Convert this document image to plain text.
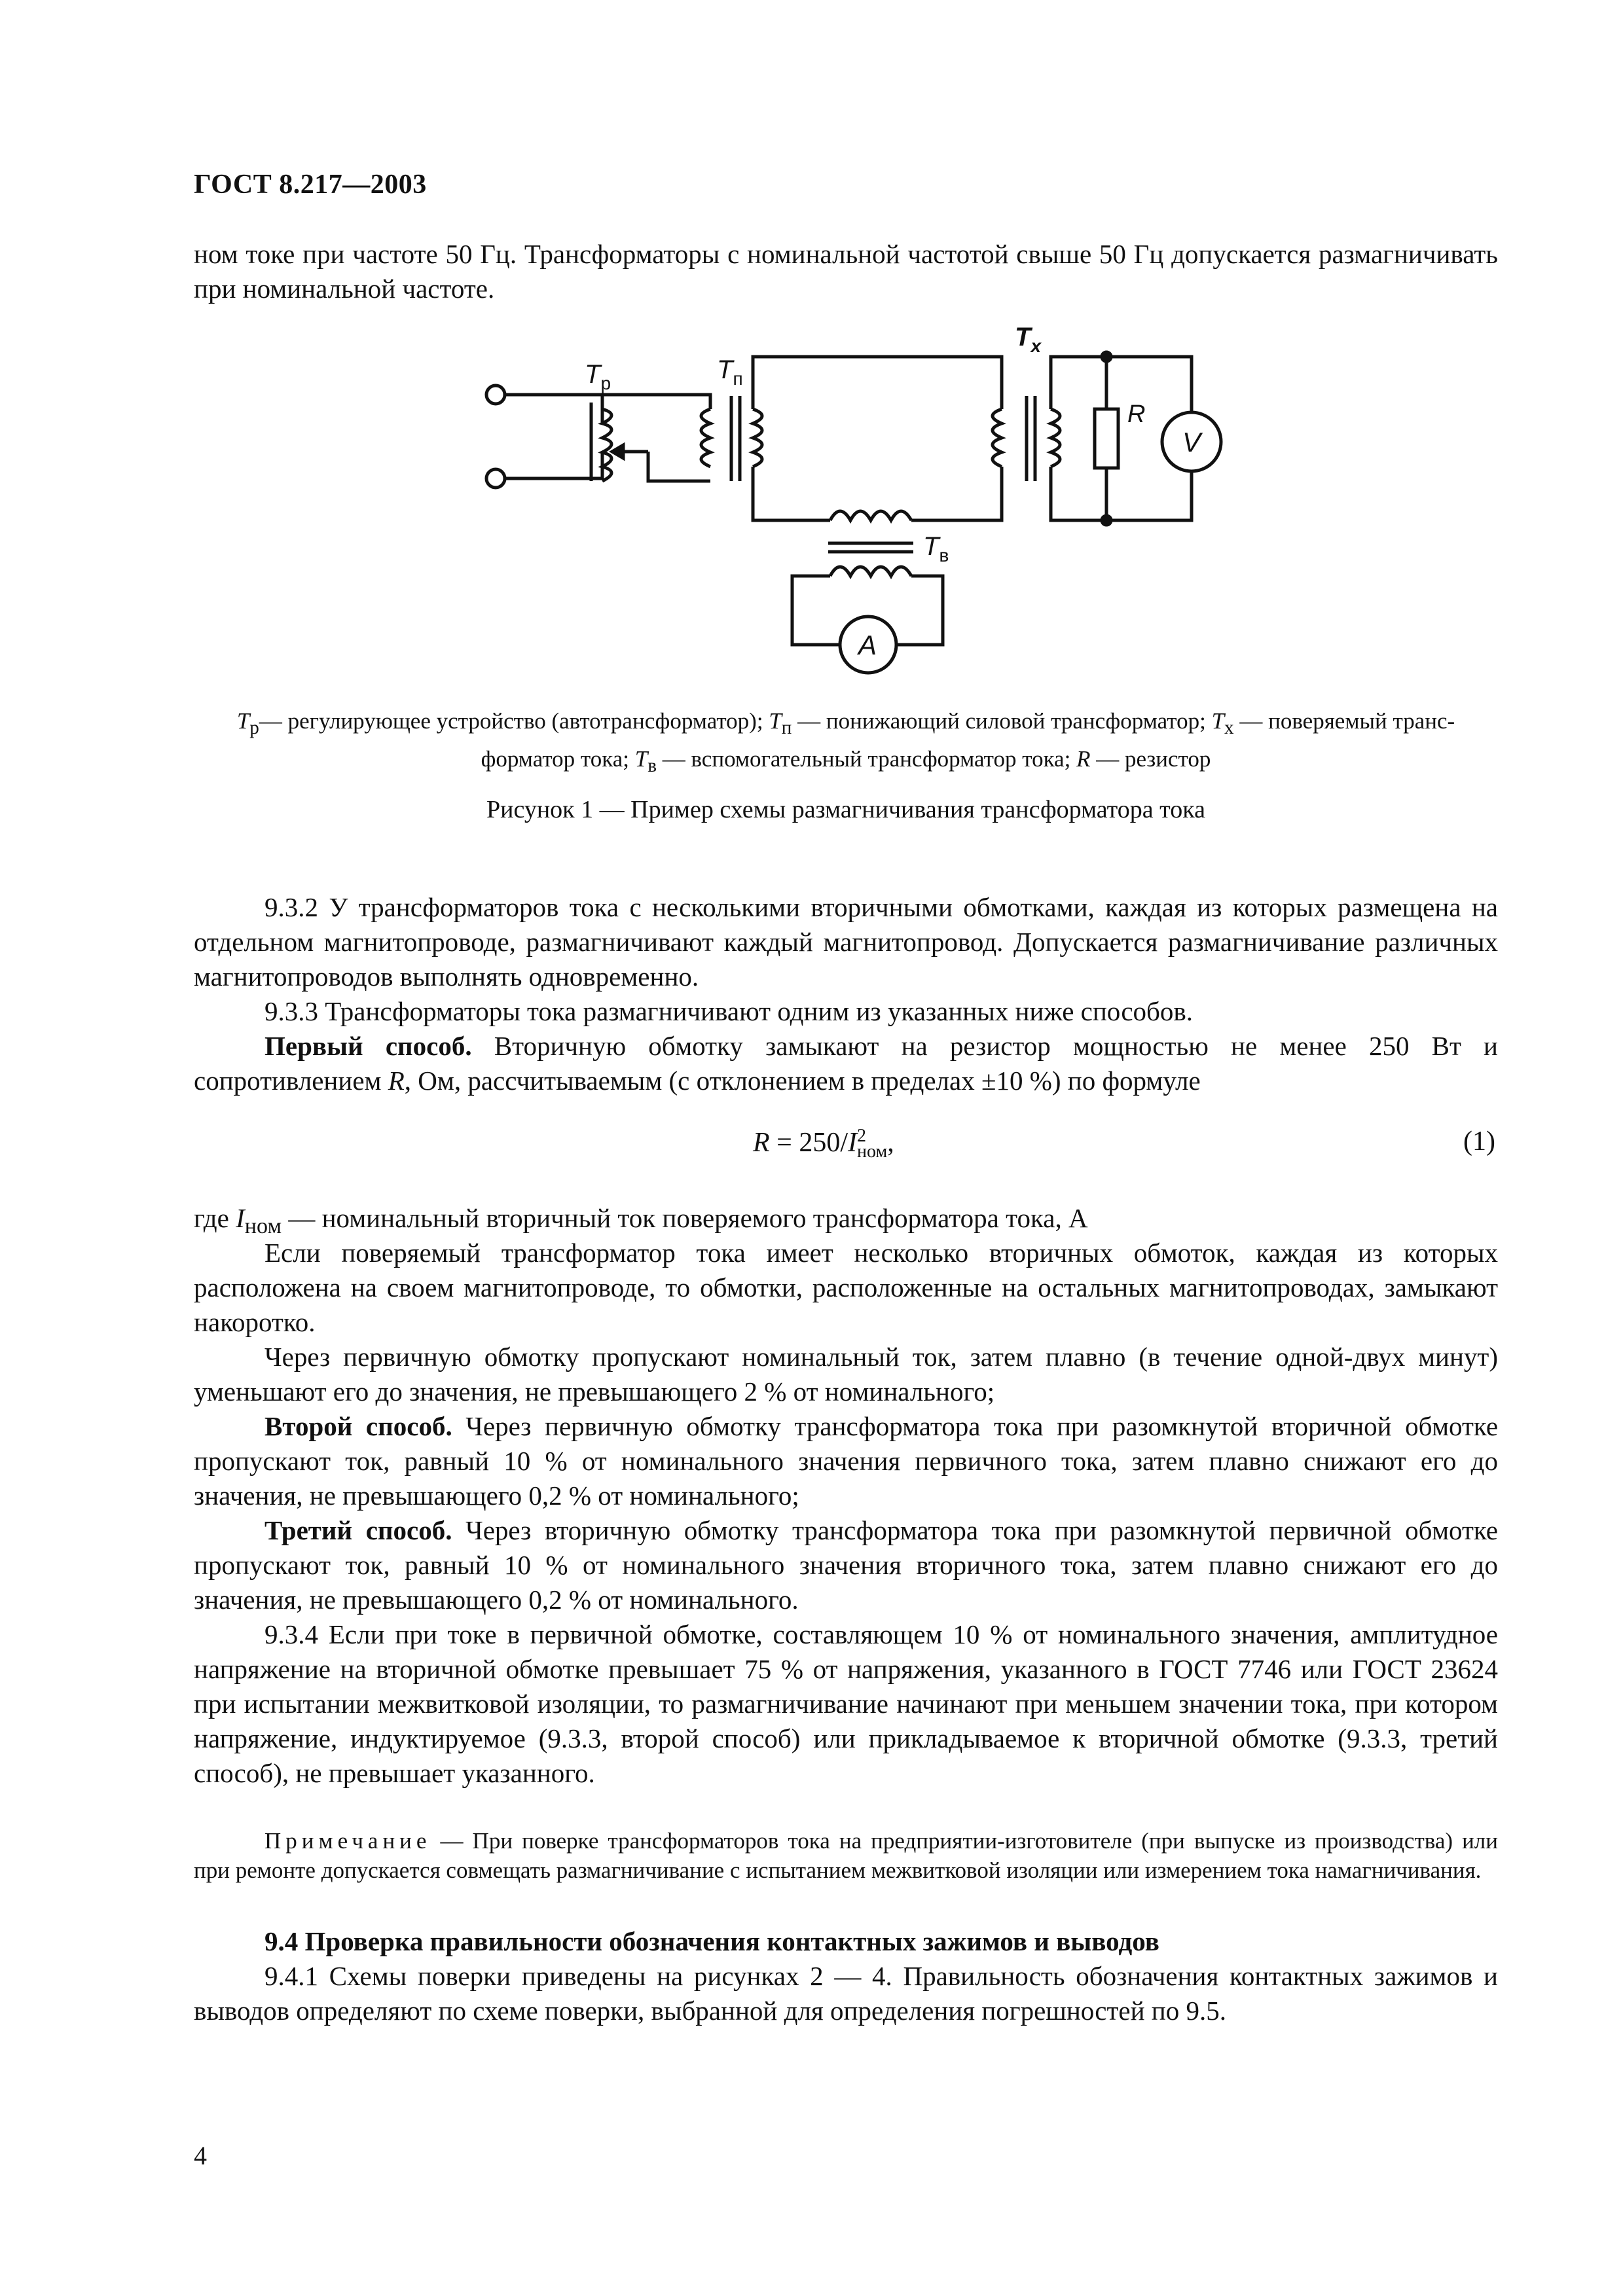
ГОСТ 8.217—2003
ном токе при частоте 50 Гц. Трансформаторы с номинальной частотой свыше 50 Гц допускается размагничивать при номинальной частоте.
$Т_р$	$Т_п$
$Т_x$
$Т_в$
R
V
A
$T_р—$ регулирующее устройство (автотрансформатор); $T_п$ — понижающий силовой трансформатор; $T_х$ — поверяемый транс-
форматор тока; $T_в$ — вспомогательный трансформатор тока; R — резистор
Рисунок 1 — Пример схемы размагничивания трансформатора тока
9.3.2 У трансформаторов тока с несколькими вторичными обмотками, каждая из которых размещена на отдельном магнитопроводе, размагничивают каждый магнитопровод. Допускается размагничивание различных магнитопроводов выполнять одновременно.
9.3.3 Трансформаторы тока размагничивают одним из указанных ниже способов.
Первый способ. Вторичную обмотку замыкают на резистор мощностью не менее 250 Вт и сопротивлением R, Ом, рассчитываемым (с отклонением в пределах ±10 %) по формуле
$R = 250/I^2_{ном}$,	(1)
где $I_{ном}$ — номинальный вторичный ток поверяемого трансформатора тока, А
Если поверяемый трансформатор тока имеет несколько вторичных обмоток, каждая из которых расположена на своем магнитопроводе, то обмотки, расположенные на остальных магнитопроводах, замыкают накоротко.
Через первичную обмотку пропускают номинальный ток, затем плавно (в течение одной-двух минут) уменьшают его до значения, не превышающего 2 % от номинального;
Второй способ. Через первичную обмотку трансформатора тока при разомкнутой вторичной обмотке пропускают ток, равный 10 % от номинального значения первичного тока, затем плавно снижают его до значения, не превышающего 0,2 % от номинального;
Третий способ. Через вторичную обмотку трансформатора тока при разомкнутой первичной обмотке пропускают ток, равный 10 % от номинального значения вторичного тока, затем плавно снижают его до значения, не превышающего 0,2 % от номинального.
9.3.4 Если при токе в первичной обмотке, составляющем 10 % от номинального значения, амплитудное напряжение на вторичной обмотке превышает 75 % от напряжения, указанного в ГОСТ 7746 или ГОСТ 23624 при испытании межвитковой изоляции, то размагничивание начинают при меньшем значении тока, при котором напряжение, индуктируемое (9.3.3, второй способ) или прикладываемое к вторичной обмотке (9.3.3, третий способ), не превышает указанного.
Примечание — При поверке трансформаторов тока на предприятии-изготовителе (при выпуске из производства) или при ремонте допускается совмещать размагничивание с испытанием межвитковой изоляции или измерением тока намагничивания.
9.4 Проверка правильности обозначения контактных зажимов и выводов
9.4.1 Схемы поверки приведены на рисунках 2 — 4. Правильность обозначения контактных зажимов и выводов определяют по схеме поверки, выбранной для определения погрешностей по 9.5.
4
